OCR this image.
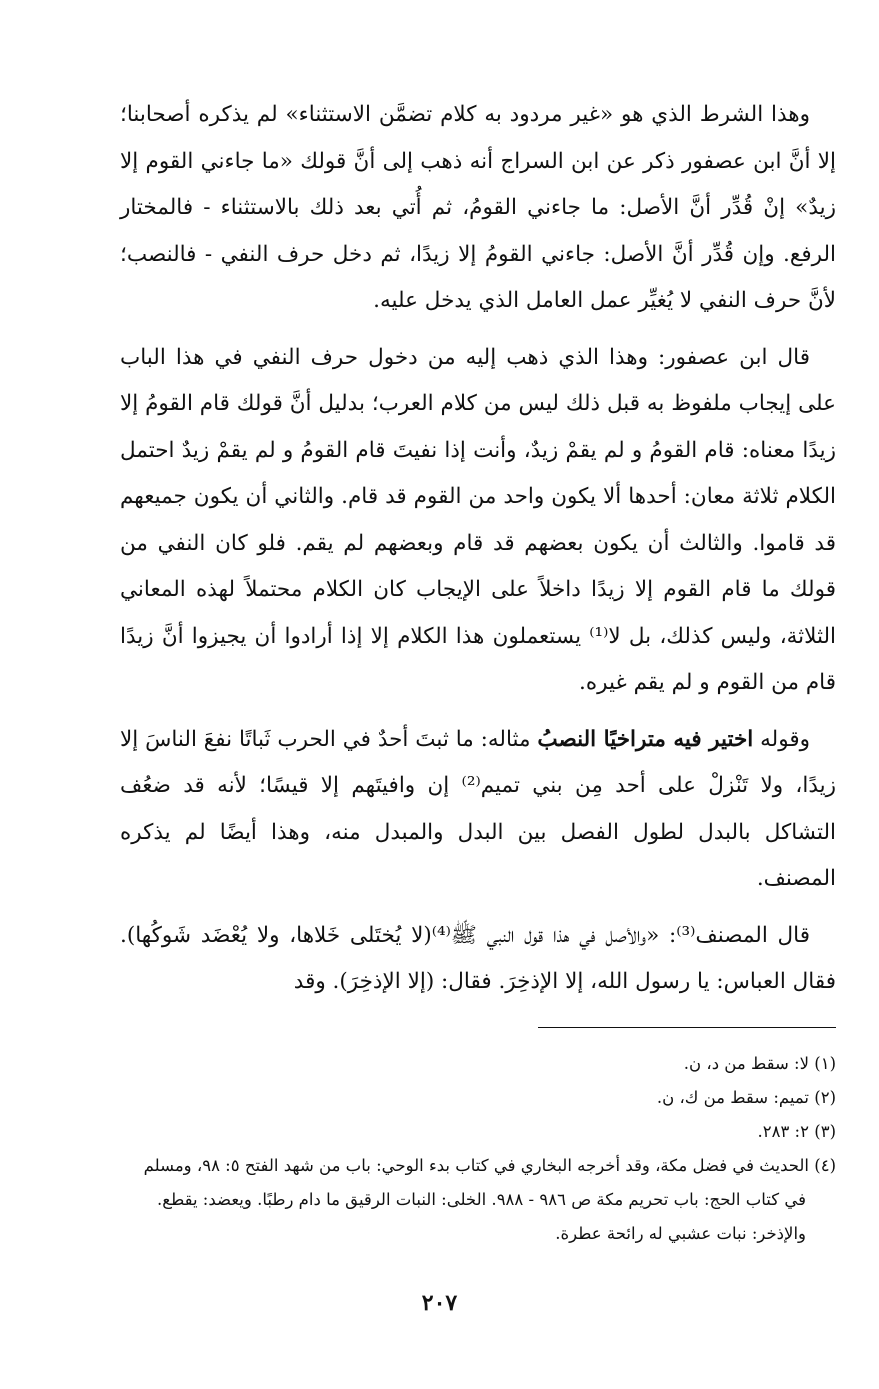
وهذا الشرط الذي هو «غير مردود به كلام تضمَّن الاستثناء» لم يذكره أصحابنا؛ إلا أنَّ ابن عصفور ذكر عن ابن السراج أنه ذهب إلى أنَّ قولك «ما جاءني القوم إلا زيدٌ» إنْ قُدِّر أنَّ الأصل: ما جاءني القومُ، ثم أُتي بعد ذلك بالاستثناء - فالمختار الرفع. وإن قُدِّر أنَّ الأصل: جاءني القومُ إلا زيدًا، ثم دخل حرف النفي - فالنصب؛ لأنَّ حرف النفي لا يُغيِّر عمل العامل الذي يدخل عليه.

قال ابن عصفور: وهذا الذي ذهب إليه من دخول حرف النفي في هذا الباب على إيجاب ملفوظ به قبل ذلك ليس من كلام العرب؛ بدليل أنَّ قولك قام القومُ إلا زيدًا معناه: قام القومُ و لم يقمْ زيدٌ، وأنت إذا نفيتَ قام القومُ و لم يقمْ زيدٌ احتمل الكلام ثلاثة معان: أحدها ألا يكون واحد من القوم قد قام. والثاني أن يكون جميعهم قد قاموا. والثالث أن يكون بعضهم قد قام وبعضهم لم يقم. فلو كان النفي من قولك ما قام القوم إلا زيدًا داخلاً على الإيجاب كان الكلام محتملاً لهذه المعاني الثلاثة، وليس كذلك، بل لا⁽¹⁾ يستعملون هذا الكلام إلا إذا أرادوا أن يجيزوا أنَّ زيدًا قام من القوم و لم يقم غيره.

وقوله اختير فيه متراخيًا النصبُ مثاله: ما ثبتَ أحدٌ في الحرب ثَباتًا نفعَ الناسَ إلا زيدًا، ولا تَنْزلْ على أحد مِن بني تميم⁽²⁾ إن وافيتَهم إلا قيسًا؛ لأنه قد ضعُف التشاكل بالبدل لطول الفصل بين البدل والمبدل منه، وهذا أيضًا لم يذكره المصنف.

قال المصنف⁽³⁾: «والأصل في هذا قول النبي ﷺ⁽⁴⁾(لا يُختَلى خَلاها، ولا يُعْضَد شَوكُها). فقال العباس: يا رسول الله، إلا الإذخِرَ. فقال: (إلا الإذخِرَ). وقد

(١) لا: سقط من د، ن.

(٢) تميم: سقط من ك، ن.

(٣) ٢: ٢٨٣.

(٤) الحديث في فضل مكة، وقد أخرجه البخاري في كتاب بدء الوحي: باب من شهد الفتح ٥: ٩٨، ومسلم في كتاب الحج: باب تحريم مكة ص ٩٨٦ - ٩٨٨. الخلى: النبات الرقيق ما دام رطبًا. ويعضد: يقطع. والإذخر: نبات عشبي له رائحة عطرة.

٢٠٧
